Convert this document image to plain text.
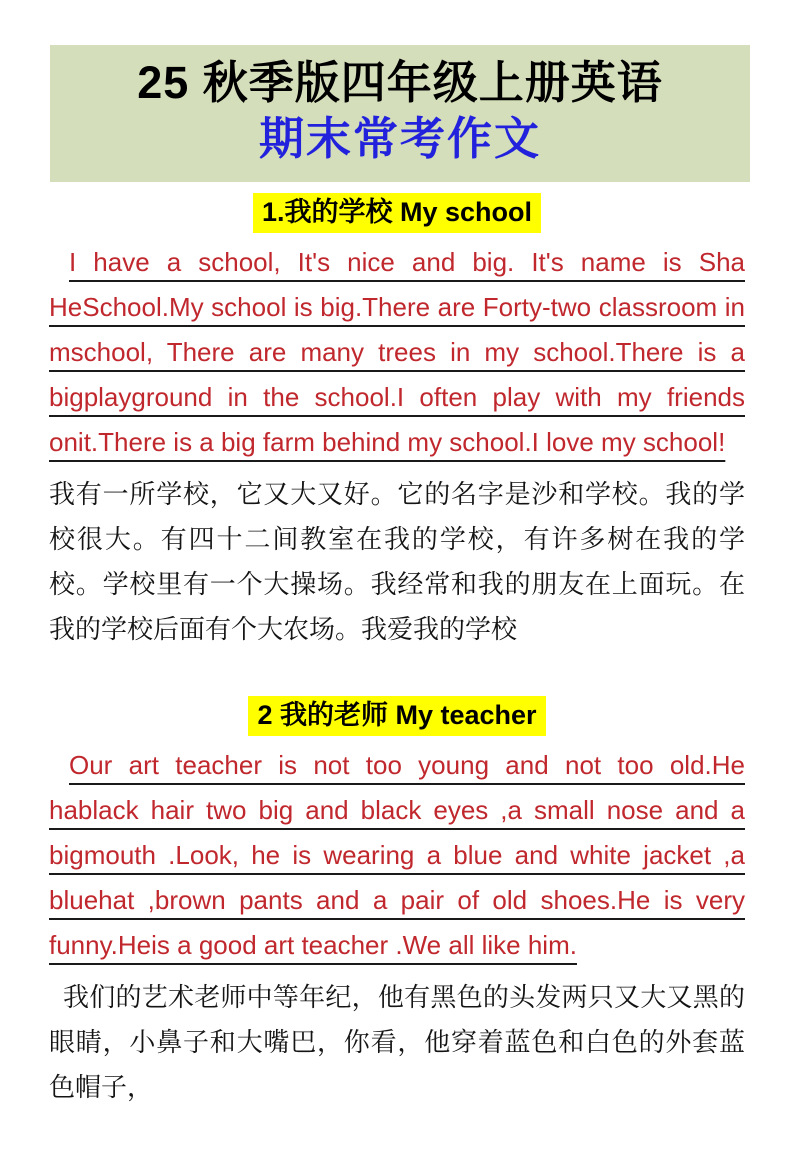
25 秋季版四年级上册英语
期末常考作文
1.我的学校 My school

I have a school, It's nice and big. It's name is Sha HeSchool.My school is big.There are Forty-two classroom in mschool, There are many trees in my school.There is a bigplayground in the school.I often play with my friends onit.There is a big farm behind my school.I love my school!

我有一所学校，它又大又好。它的名字是沙和学校。我的学校很大。有四十二间教室在我的学校，有许多树在我的学校。学校里有一个大操场。我经常和我的朋友在上面玩。在我的学校后面有个大农场。我爱我的学校

2 我的老师 My teacher

Our art teacher is not too young and not too old.He hablack hair two big and black eyes ,a small nose and a bigmouth .Look, he is wearing a blue and white jacket ,a bluehat ,brown pants and a pair of old shoes.He is very funny.Heis a good art teacher .We all like him.

我们的艺术老师中等年纪，他有黑色的头发两只又大又黑的眼睛，小鼻子和大嘴巴，你看，他穿着蓝色和白色的外套蓝色帽子，
